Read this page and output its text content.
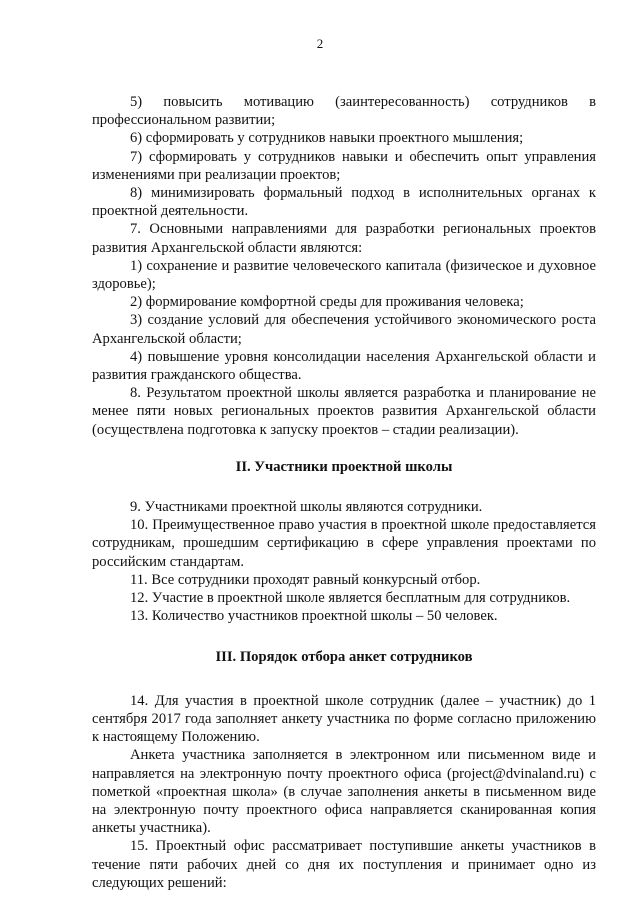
2

5) повысить мотивацию (заинтересованность) сотрудников в профессиональном развитии;

6) сформировать у сотрудников навыки проектного мышления;

7) сформировать у сотрудников навыки и обеспечить опыт управления изменениями при реализации проектов;

8) минимизировать формальный подход в исполнительных органах к проектной деятельности.

7. Основными направлениями для разработки региональных проектов развития Архангельской области являются:

1) сохранение и развитие человеческого капитала (физическое и духовное здоровье);

2) формирование комфортной среды для проживания человека;

3) создание условий для обеспечения устойчивого экономического роста Архангельской области;

4) повышение уровня консолидации населения Архангельской области и развития гражданского общества.

8. Результатом проектной школы является разработка и планирование не менее пяти новых региональных проектов развития Архангельской области (осуществлена подготовка к запуску проектов – стадии реализации).

II. Участники проектной школы

9. Участниками проектной школы являются сотрудники.

10. Преимущественное право участия в проектной школе предоставляется сотрудникам, прошедшим сертификацию в сфере управления проектами по российским стандартам.

11. Все сотрудники проходят равный конкурсный отбор.

12. Участие в проектной школе является бесплатным для сотрудников.

13. Количество участников проектной школы – 50 человек.

III. Порядок отбора анкет сотрудников

14. Для участия в проектной школе сотрудник (далее – участник) до 1 сентября 2017 года заполняет анкету участника по форме согласно приложению к настоящему Положению.

Анкета участника заполняется в электронном или письменном виде и направляется на электронную почту проектного офиса (project@dvinaland.ru) с пометкой «проектная школа» (в случае заполнения анкеты в письменном виде на электронную почту проектного офиса направляется сканированная копия анкеты участника).

15. Проектный офис рассматривает поступившие анкеты участников в течение пяти рабочих дней со дня их поступления и принимает одно из следующих решений:
